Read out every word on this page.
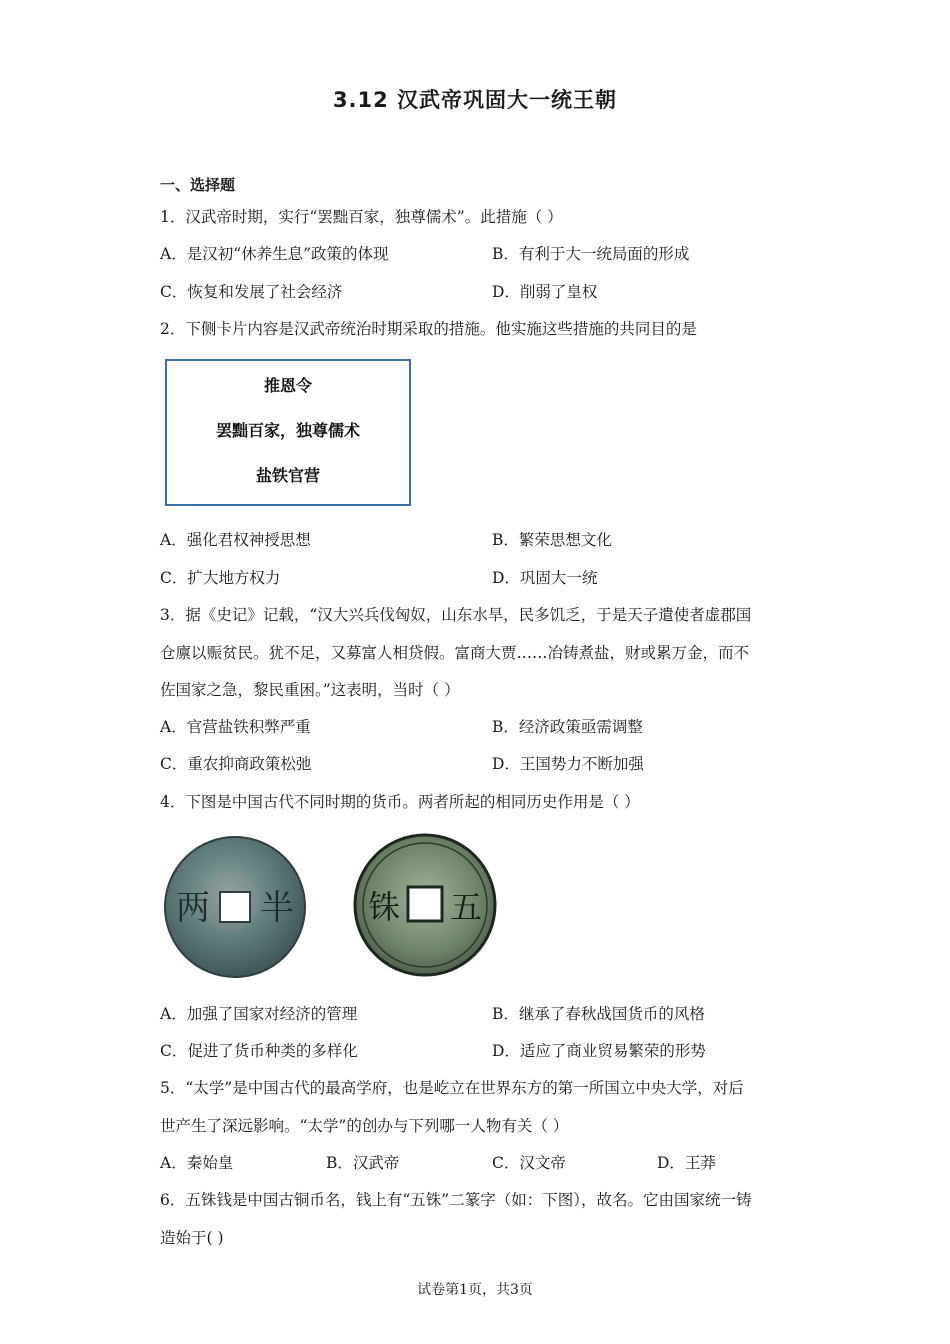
3.12 汉武帝巩固大一统王朝
一、选择题
1．汉武帝时期，实行“罢黜百家，独尊儒术”。此措施（ ）
A．是汉初“休养生息”政策的体现	B．有利于大一统局面的形成
C．恢复和发展了社会经济	D．削弱了皇权
2．下侧卡片内容是汉武帝统治时期采取的措施。他实施这些措施的共同目的是
推恩令
罢黜百家，独尊儒术
盐铁官营
A．强化君权神授思想	B．繁荣思想文化
C．扩大地方权力	D．巩固大一统
3．据《史记》记载，“汉大兴兵伐匈奴，山东水旱，民多饥乏，于是天子遣使者虚郡国
仓廪以赈贫民。犹不足，又募富人相贷假。富商大贾……冶铸煮盐，财或累万金，而不
佐国家之急，黎民重困。”这表明，当时（ ）
A．官营盐铁积弊严重	B．经济政策亟需调整
C．重农抑商政策松弛	D．王国势力不断加强
4．下图是中国古代不同时期的货币。两者所起的相同历史作用是（ ）
两 半 铢 五
A．加强了国家对经济的管理	B．继承了春秋战国货币的风格
C．促进了货币种类的多样化	D．适应了商业贸易繁荣的形势
5．“太学”是中国古代的最高学府，也是屹立在世界东方的第一所国立中央大学，对后
世产生了深远影响。“太学”的创办与下列哪一人物有关（ ）
A．秦始皇	B．汉武帝	C．汉文帝	D．王莽
6．五铢钱是中国古铜币名，钱上有“五铢”二篆字（如：下图），故名。它由国家统一铸
造始于( )
试卷第1页，共3页
